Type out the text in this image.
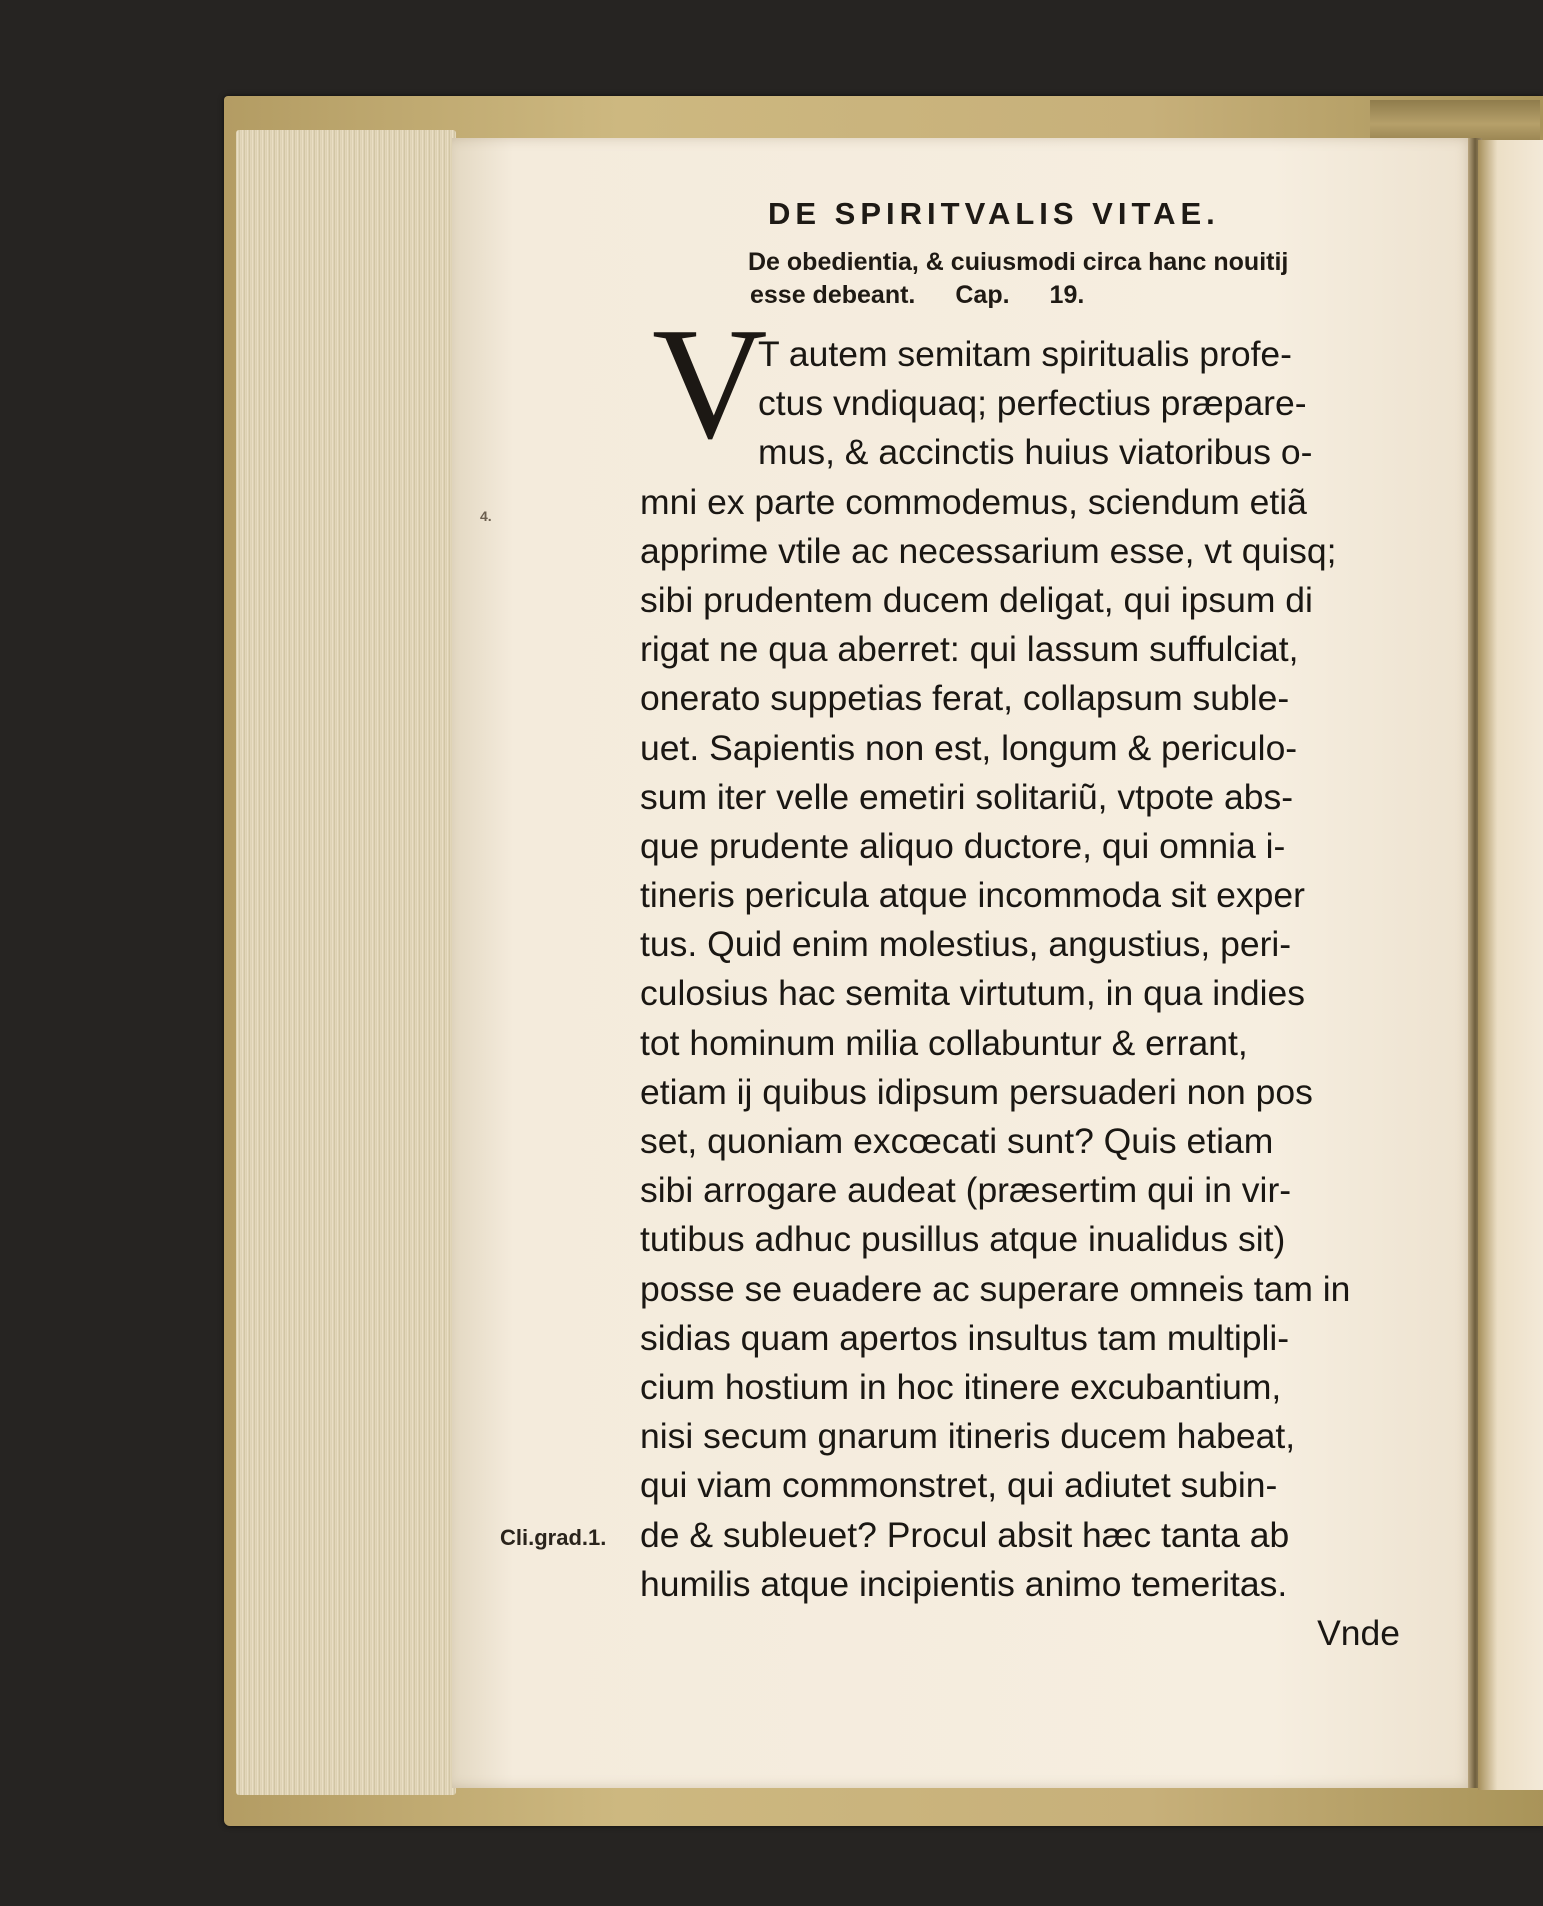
DE SPIRITVALIS VITAE.
De obedientia, & cuiusmodi circa hanc nouitij
esse debeant. Cap. 19.
V
T autem semitam spiritualis profe-
ctus vndiquaq; perfectius præpare-
mus, & accinctis huius viatoribus o-
mni ex parte commodemus, sciendum etiã
apprime vtile ac necessarium esse, vt quisq;
sibi prudentem ducem deligat, qui ipsum di
rigat ne qua aberret: qui lassum suffulciat,
onerato suppetias ferat, collapsum suble-
uet. Sapientis non est, longum & periculo-
sum iter velle emetiri solitariũ, vtpote abs-
que prudente aliquo ductore, qui omnia i-
tineris pericula atque incommoda sit exper
tus. Quid enim molestius, angustius, peri-
culosius hac semita virtutum, in qua indies
tot hominum milia collabuntur & errant,
etiam ij quibus idipsum persuaderi non pos
set, quoniam excœcati sunt? Quis etiam
sibi arrogare audeat (præsertim qui in vir-
tutibus adhuc pusillus atque inualidus sit)
posse se euadere ac superare omneis tam in
sidias quam apertos insultus tam multipli-
cium hostium in hoc itinere excubantium,
nisi secum gnarum itineris ducem habeat,
qui viam commonstret, qui adiutet subin-
de & subleuet? Procul absit hæc tanta ab
humilis atque incipientis animo temeritas.
Vnde
4.
Cli.grad.1.
